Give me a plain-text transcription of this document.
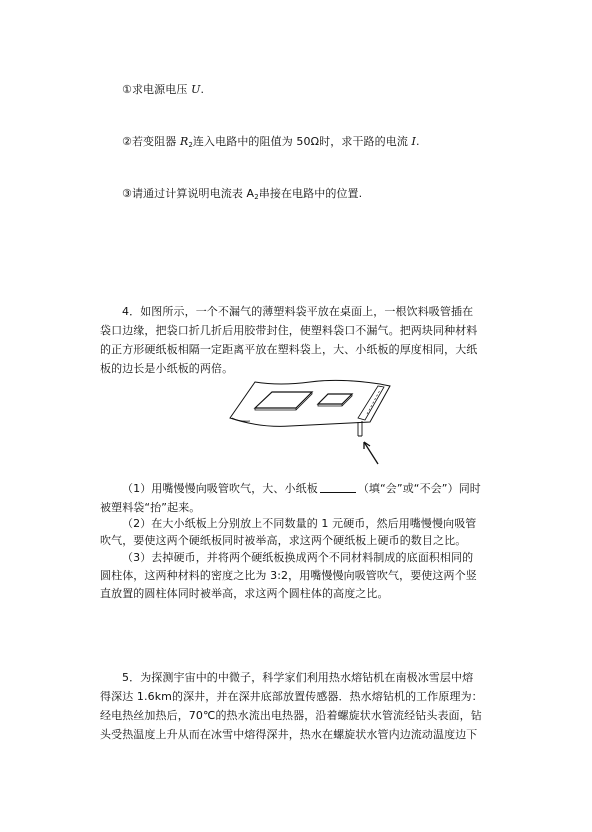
①求电源电压 U.
②若变阻器 $R_2$连入电路中的阻值为 50Ω时，求干路的电流 I.
③请通过计算说明电流表 $A_2$串接在电路中的位置.
4．如图所示，一个不漏气的薄塑料袋平放在桌面上，一根饮料吸管插在
袋口边缘，把袋口折几折后用胶带封住，使塑料袋口不漏气。把两块同种材料
的正方形硬纸板相隔一定距离平放在塑料袋上，大、小纸板的厚度相同，大纸
板的边长是小纸板的两倍。
（1）用嘴慢慢向吸管吹气，大、小纸板	（填“会”或“不会”）同时
被塑料袋“抬”起来。
（2）在大小纸板上分别放上不同数量的 1 元硬币，然后用嘴慢慢向吸管
吹气，要使这两个硬纸板同时被举高，求这两个硬纸板上硬币的数目之比。
（3）去掉硬币，并将两个硬纸板换成两个不同材料制成的底面积相同的
圆柱体，这两种材料的密度之比为 3:2，用嘴慢慢向吸管吹气，要使这两个竖
直放置的圆柱体同时被举高，求这两个圆柱体的高度之比。
5．为探测宇宙中的中微子，科学家们利用热水熔钻机在南极冰雪层中熔
得深达 1.6km的深井，并在深井底部放置传感器．热水熔钻机的工作原理为：
经电热丝加热后，70℃的热水流出电热器，沿着螺旋状水管流经钻头表面，钻
头受热温度上升从而在冰雪中熔得深井，热水在螺旋状水管内边流动温度边下
